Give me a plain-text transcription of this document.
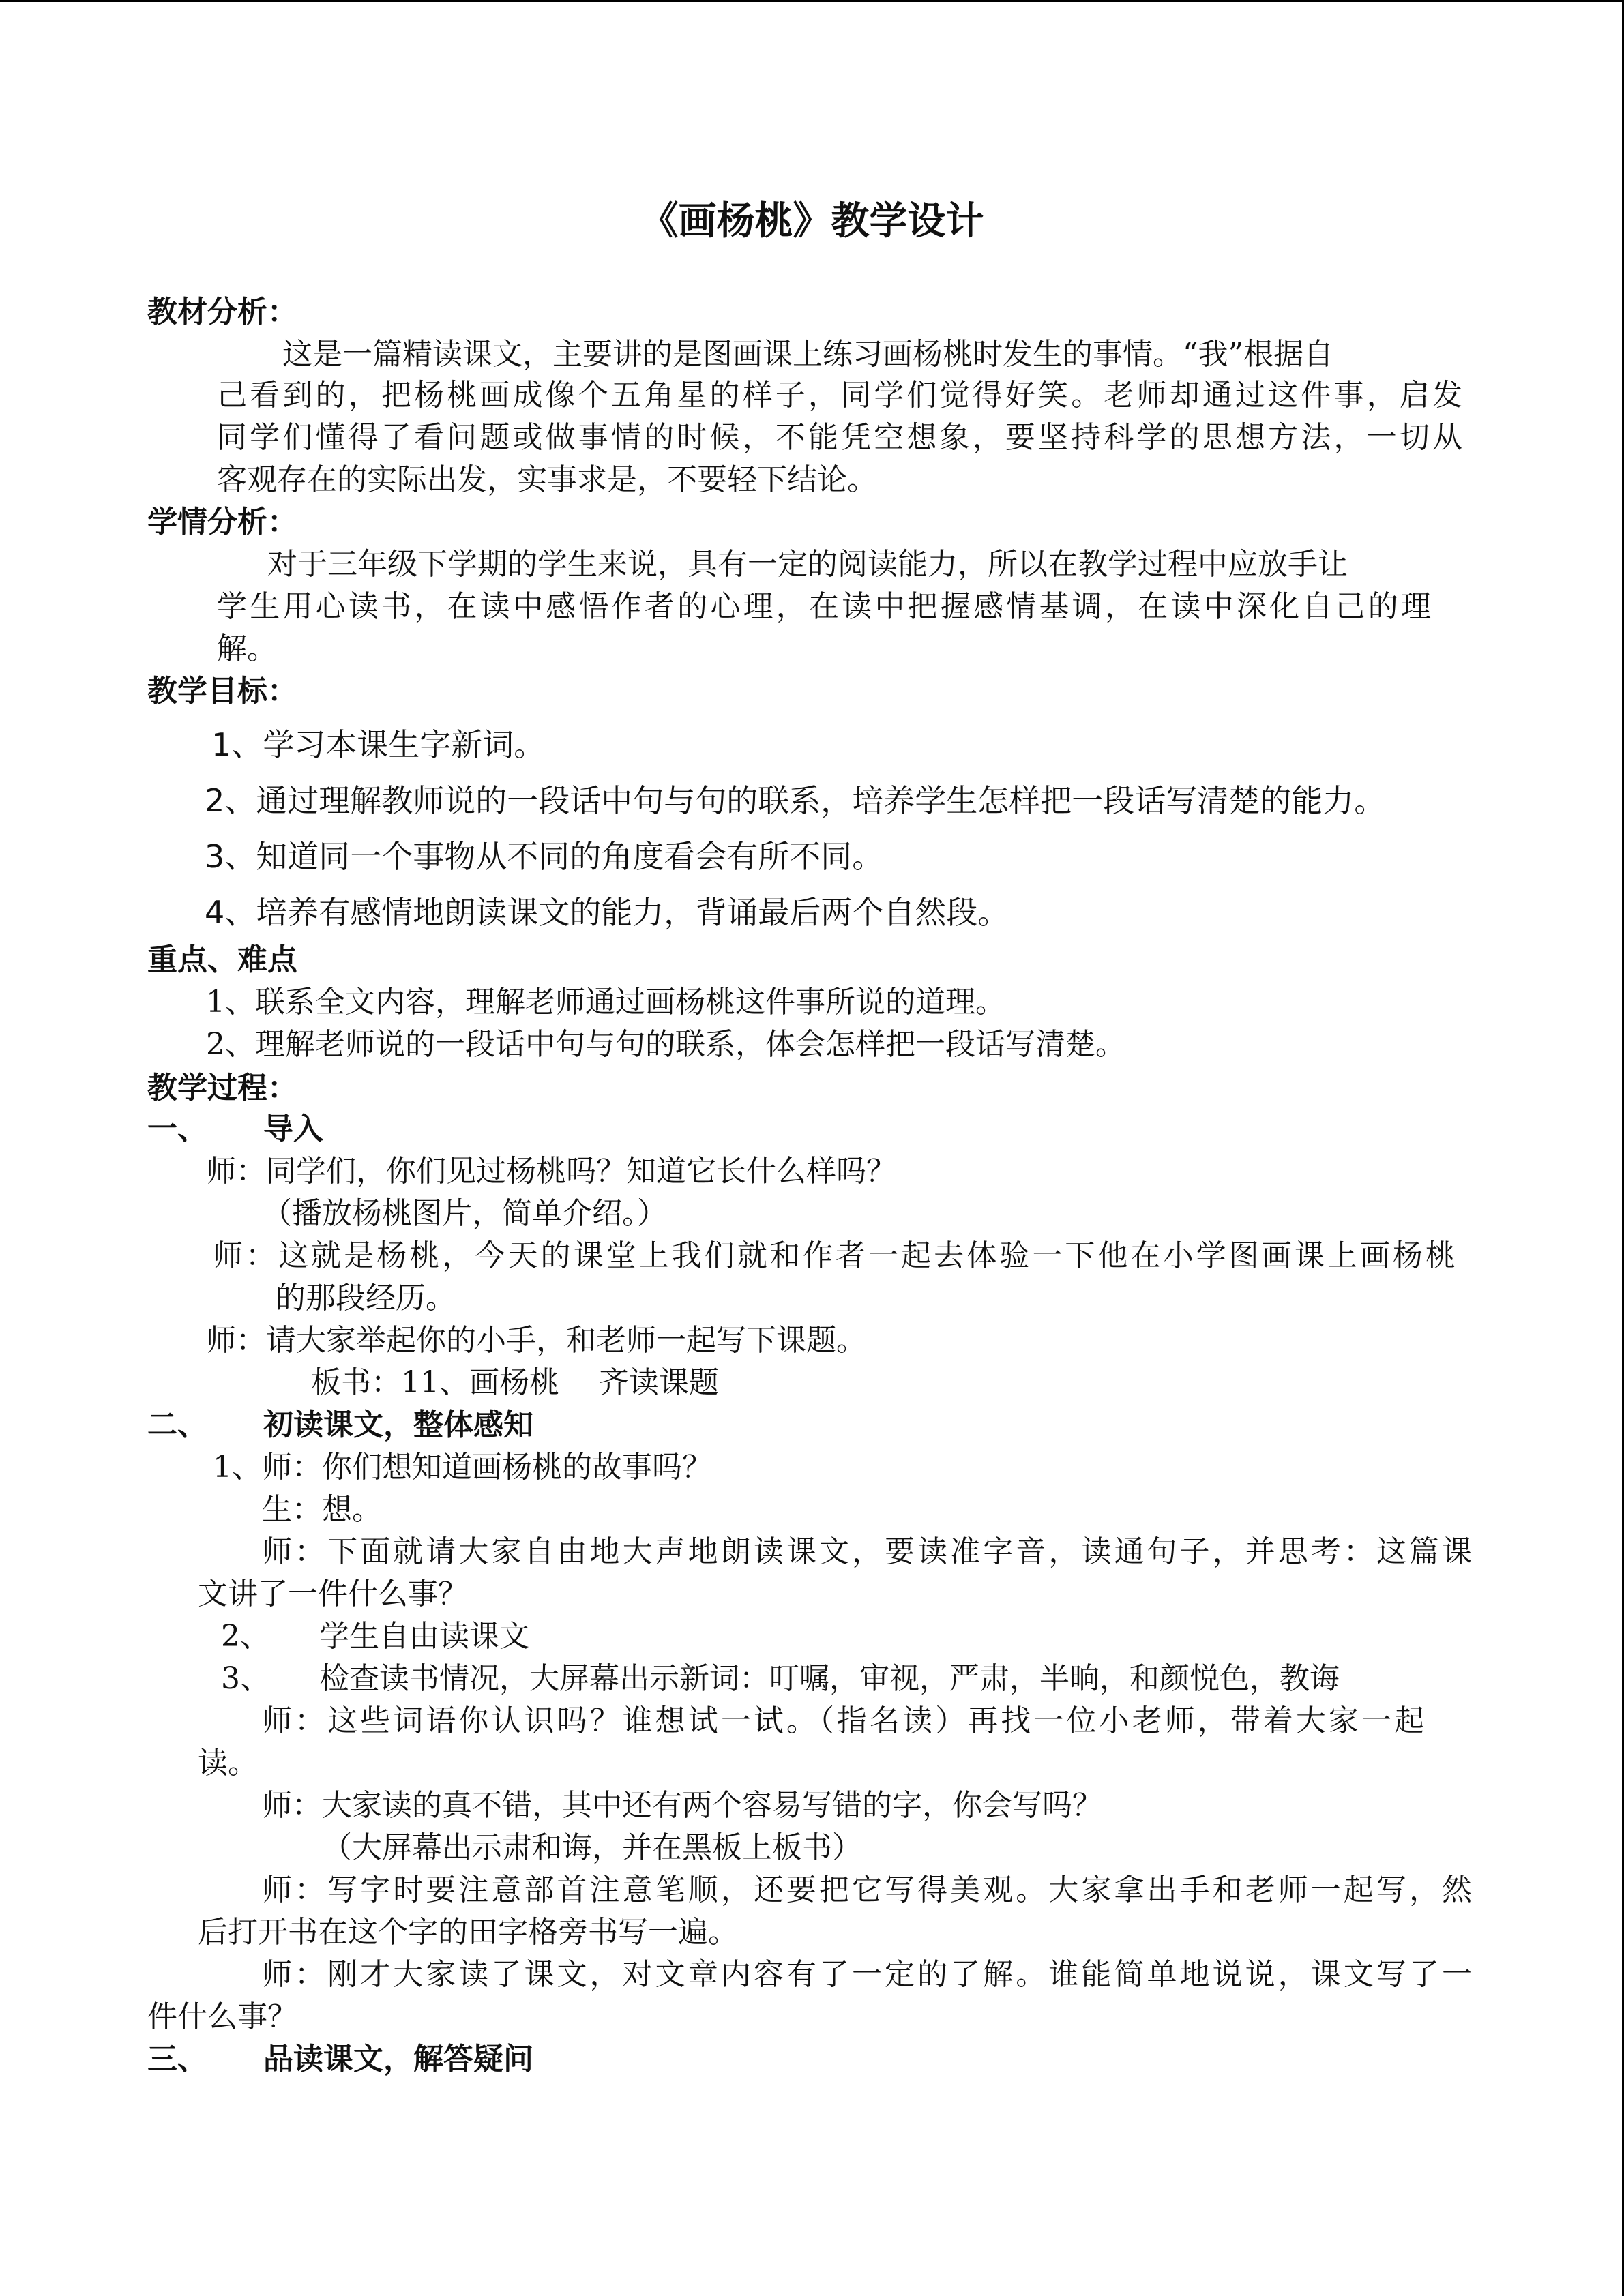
《画杨桃》教学设计
教材分析：
这是一篇精读课文，主要讲的是图画课上练习画杨桃时发生的事情。“我”根据自
己看到的，把杨桃画成像个五角星的样子，同学们觉得好笑。老师却通过这件事，启发
同学们懂得了看问题或做事情的时候，不能凭空想象，要坚持科学的思想方法，一切从
客观存在的实际出发，实事求是，不要轻下结论。
学情分析：
对于三年级下学期的学生来说，具有一定的阅读能力，所以在教学过程中应放手让
学生用心读书，在读中感悟作者的心理，在读中把握感情基调，在读中深化自己的理
解。
教学目标：
1、学习本课生字新词。
2、通过理解教师说的一段话中句与句的联系，培养学生怎样把一段话写清楚的能力。
3、知道同一个事物从不同的角度看会有所不同。
4、培养有感情地朗读课文的能力，背诵最后两个自然段。
重点、难点
1、联系全文内容，理解老师通过画杨桃这件事所说的道理。
2、理解老师说的一段话中句与句的联系，体会怎样把一段话写清楚。
教学过程：
一、 导入
师：同学们，你们见过杨桃吗？知道它长什么样吗？
（播放杨桃图片，简单介绍。）
师：这就是杨桃，今天的课堂上我们就和作者一起去体验一下他在小学图画课上画杨桃
的那段经历。
师：请大家举起你的小手，和老师一起写下课题。
板书：11、画杨桃　 齐读课题
二、 初读课文，整体感知
1、师：你们想知道画杨桃的故事吗？
生：想。
师：下面就请大家自由地大声地朗读课文，要读准字音，读通句子，并思考：这篇课
文讲了一件什么事？
2、 学生自由读课文
3、 检查读书情况，大屏幕出示新词：叮嘱，审视，严肃，半晌，和颜悦色，教诲
师：这些词语你认识吗？谁想试一试。（指名读）再找一位小老师，带着大家一起
读。
师：大家读的真不错，其中还有两个容易写错的字，你会写吗？
（大屏幕出示肃和诲，并在黑板上板书）
师：写字时要注意部首注意笔顺，还要把它写得美观。大家拿出手和老师一起写，然
后打开书在这个字的田字格旁书写一遍。
师：刚才大家读了课文，对文章内容有了一定的了解。谁能简单地说说，课文写了一
件什么事？
三、 品读课文，解答疑问
